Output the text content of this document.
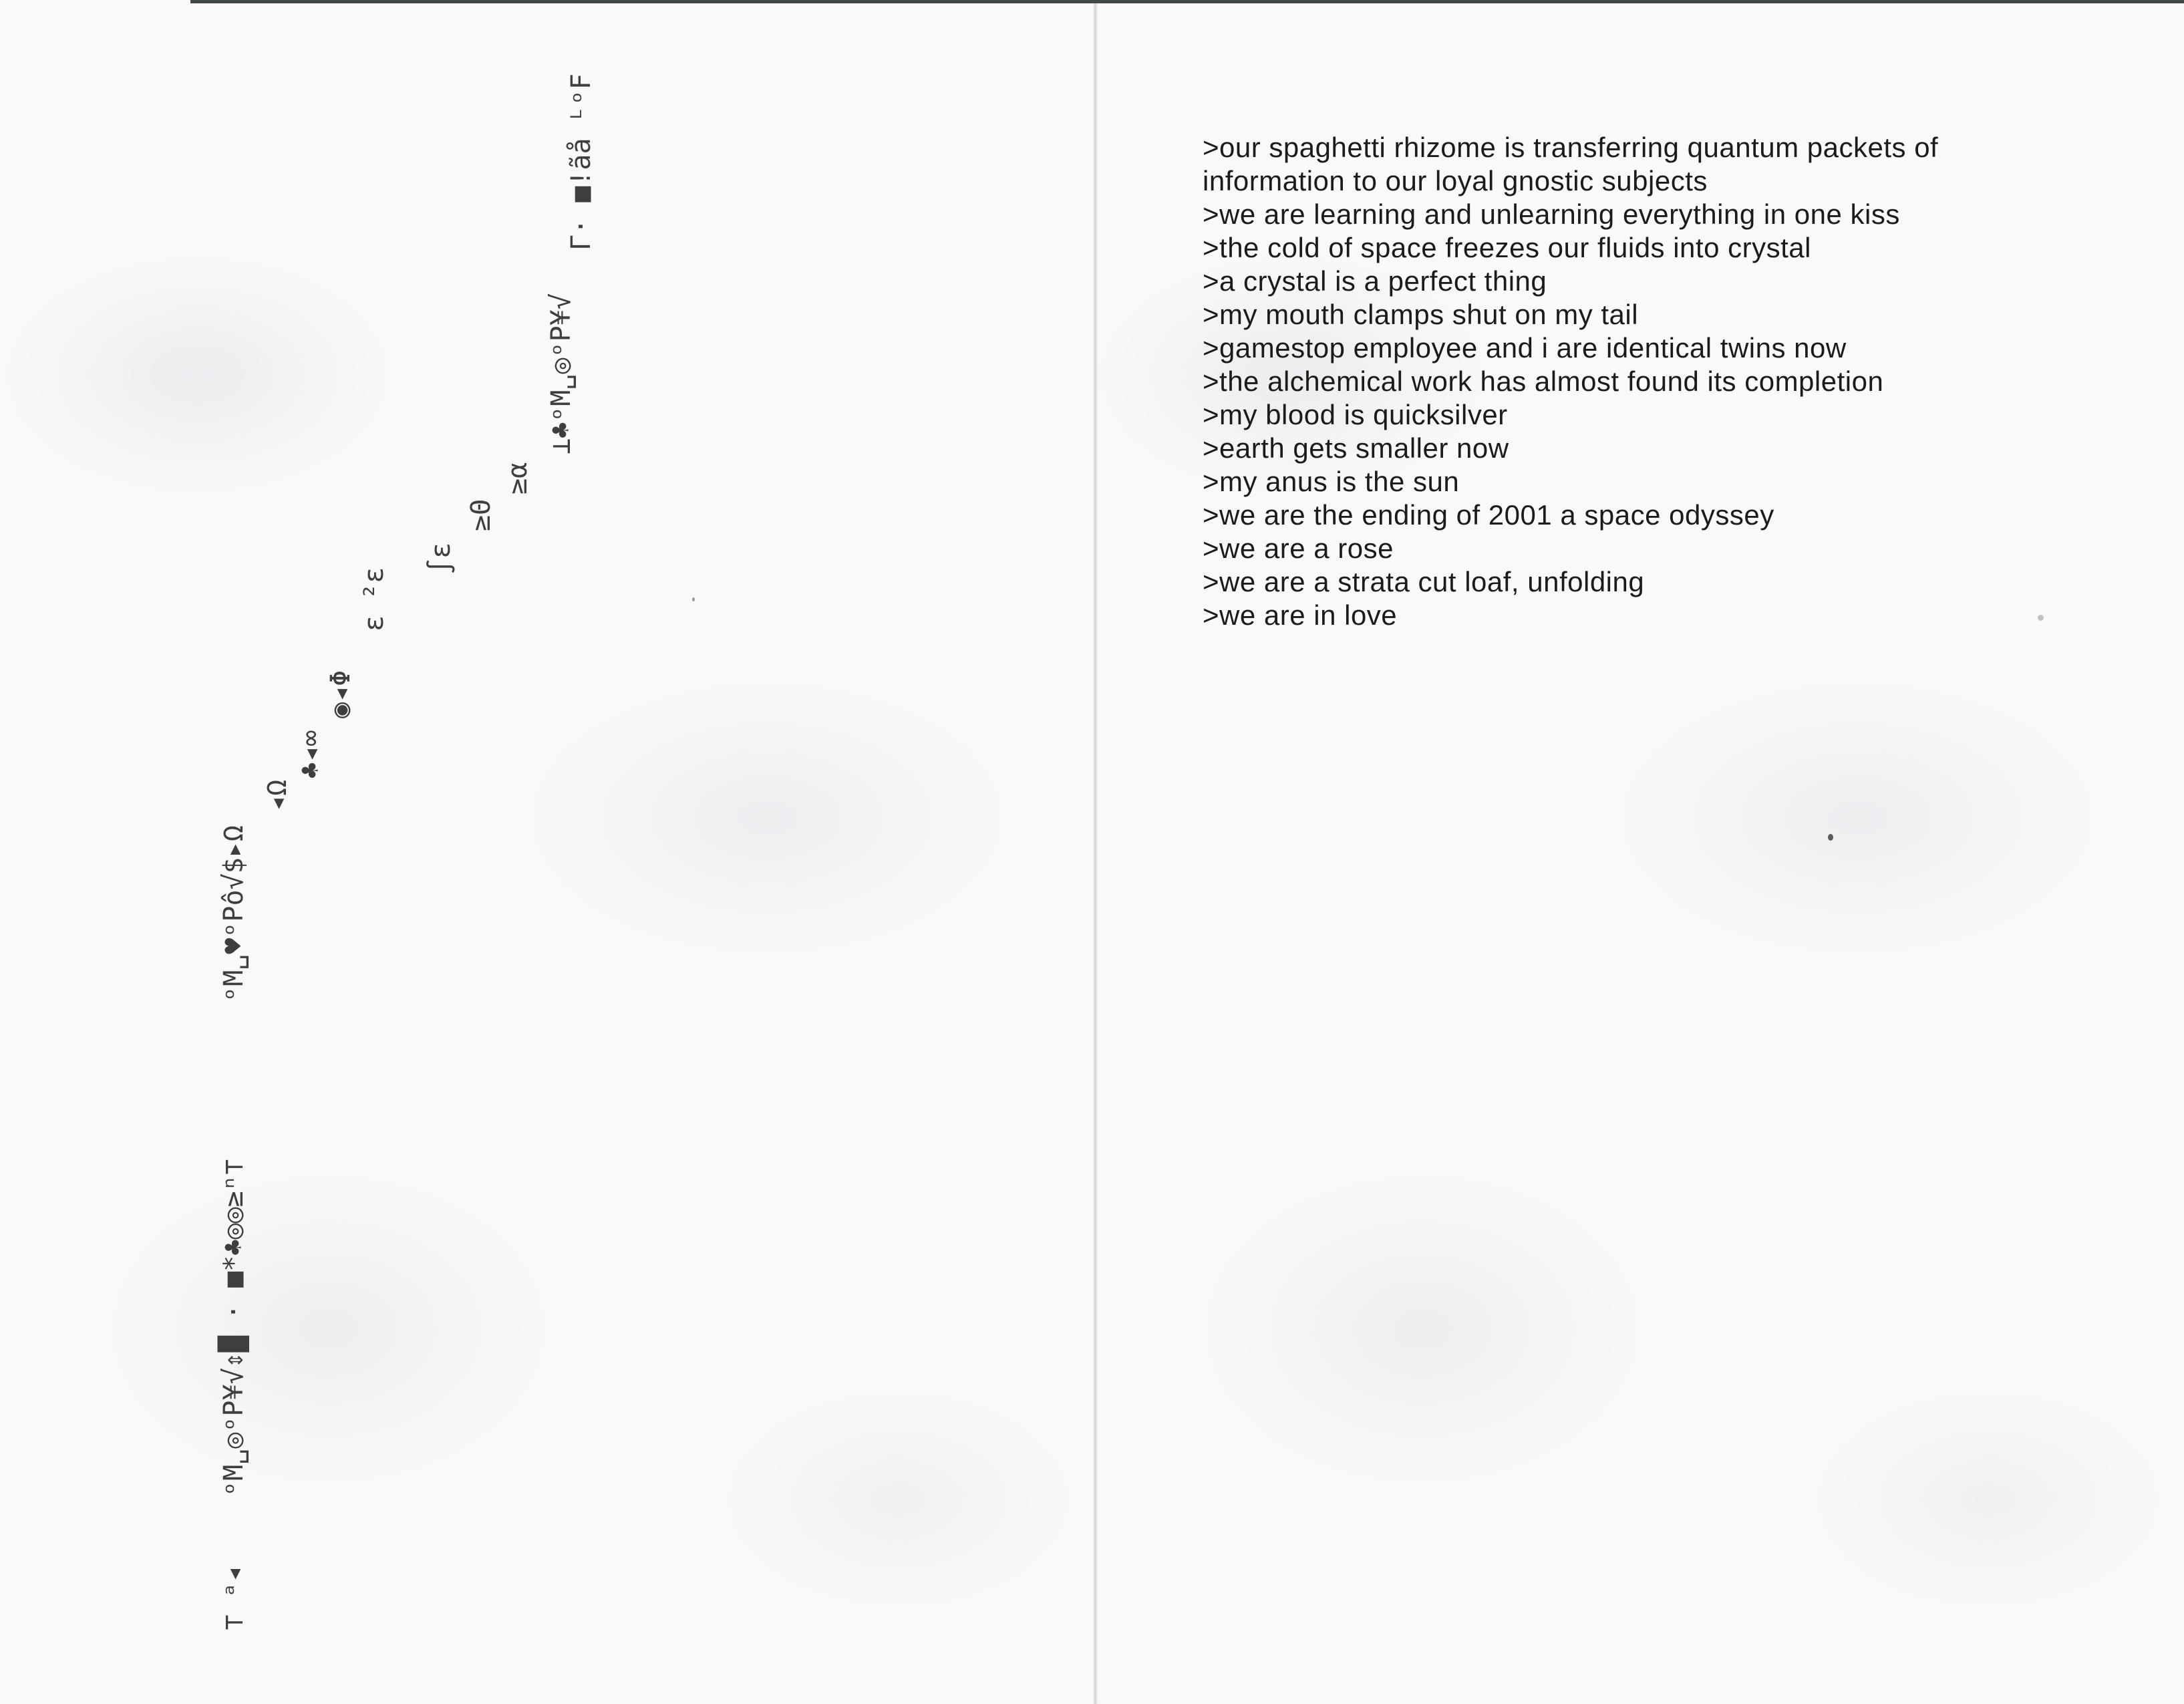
⊤ ᵃ◂
ᵒM␣◎ᵒP¥√⇕█ · ■*♣◎◎≥ⁿ⊤
ᵒM␣♥ᵒPô√$▸Ω
◂Ω
♣◂∞
◉◂Φ
ε ²ε
∫ε
≥Θ
≥α
⊥♣ᵒM␣◎ᵒP¥√
Γ· ■!ãå ᴸᵒF	>our spaghetti rhizome is transferring quantum packets of
information to our loyal gnostic subjects
>we are learning and unlearning everything in one kiss
>the cold of space freezes our fluids into crystal
>a crystal is a perfect thing
>my mouth clamps shut on my tail
>gamestop employee and i are identical twins now
>the alchemical work has almost found its completion
>my blood is quicksilver
>earth gets smaller now
>my anus is the sun
>we are the ending of 2001 a space odyssey
>we are a rose
>we are a strata cut loaf, unfolding
>we are in love
